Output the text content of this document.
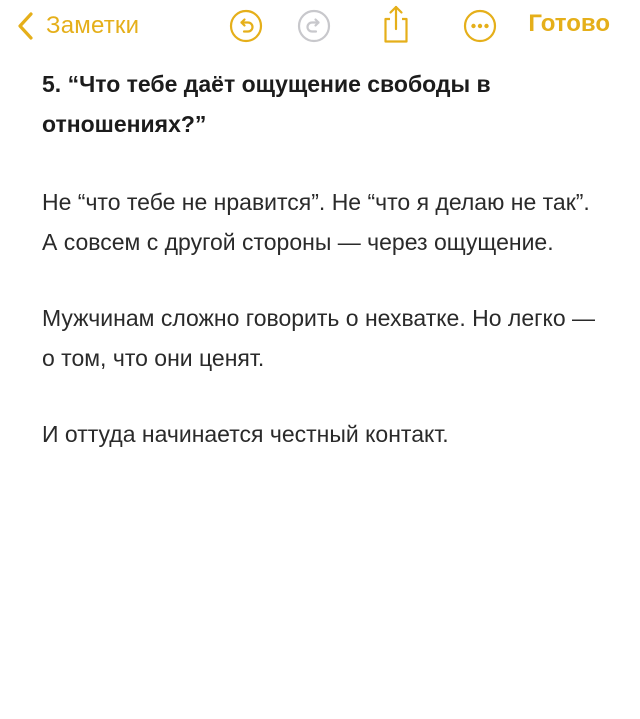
Заметки	Готово

5. “Что тебе даёт ощущение свободы в отношениях?”

Не “что тебе не нравится”. Не “что я делаю не так”. А совсем с другой стороны — через ощущение.

Мужчинам сложно говорить о нехватке. Но легко — о том, что они ценят.

И оттуда начинается честный контакт.
